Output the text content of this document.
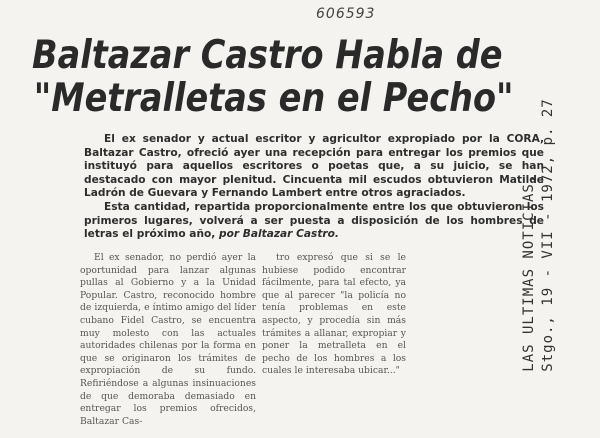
606593
Baltazar Castro Habla de
"Metralletas en el Pecho"

El ex senador y actual escritor y agricultor expropiado por la CORA, Baltazar Castro, ofreció ayer una recepción para entregar los premios que instituyó para aquellos escritores o poetas que, a su juicio, se han destacado con mayor plenitud. Cincuenta mil escudos obtuvieron Matilde Ladrón de Guevara y Fernando Lambert entre otros agraciados.

Esta cantidad, repartida proporcionalmente entre los que obtuvieron los primeros lugares, volverá a ser puesta a disposición de los hombres de letras el próximo año, por Baltazar Castro.

El ex senador, no perdió ayer la oportunidad para lanzar algunas pullas al Gobierno y a la Unidad Popular. Castro, reconocido hombre de izquierda, e íntimo amigo del líder cubano Fidel Castro, se encuentra muy molesto con las actuales autoridades chilenas por la forma en que se originaron los trámites de expropiación de su fundo. Refiriéndose a algunas insinuaciones de que demoraba demasiado en entregar los premios ofrecidos, Baltazar Cas-

tro expresó que si se le hubiese podido encontrar fácilmente, para tal efecto, ya que al parecer "la policía no tenía problemas en este aspecto, y procedía sin más trámites a allanar, expropiar y poner la metralleta en el pecho de los hombres a los cuales le interesaba ubicar..."	LAS ULTIMAS NOTICIAS, Stgo., 19 - VII - 1972, p. 27
